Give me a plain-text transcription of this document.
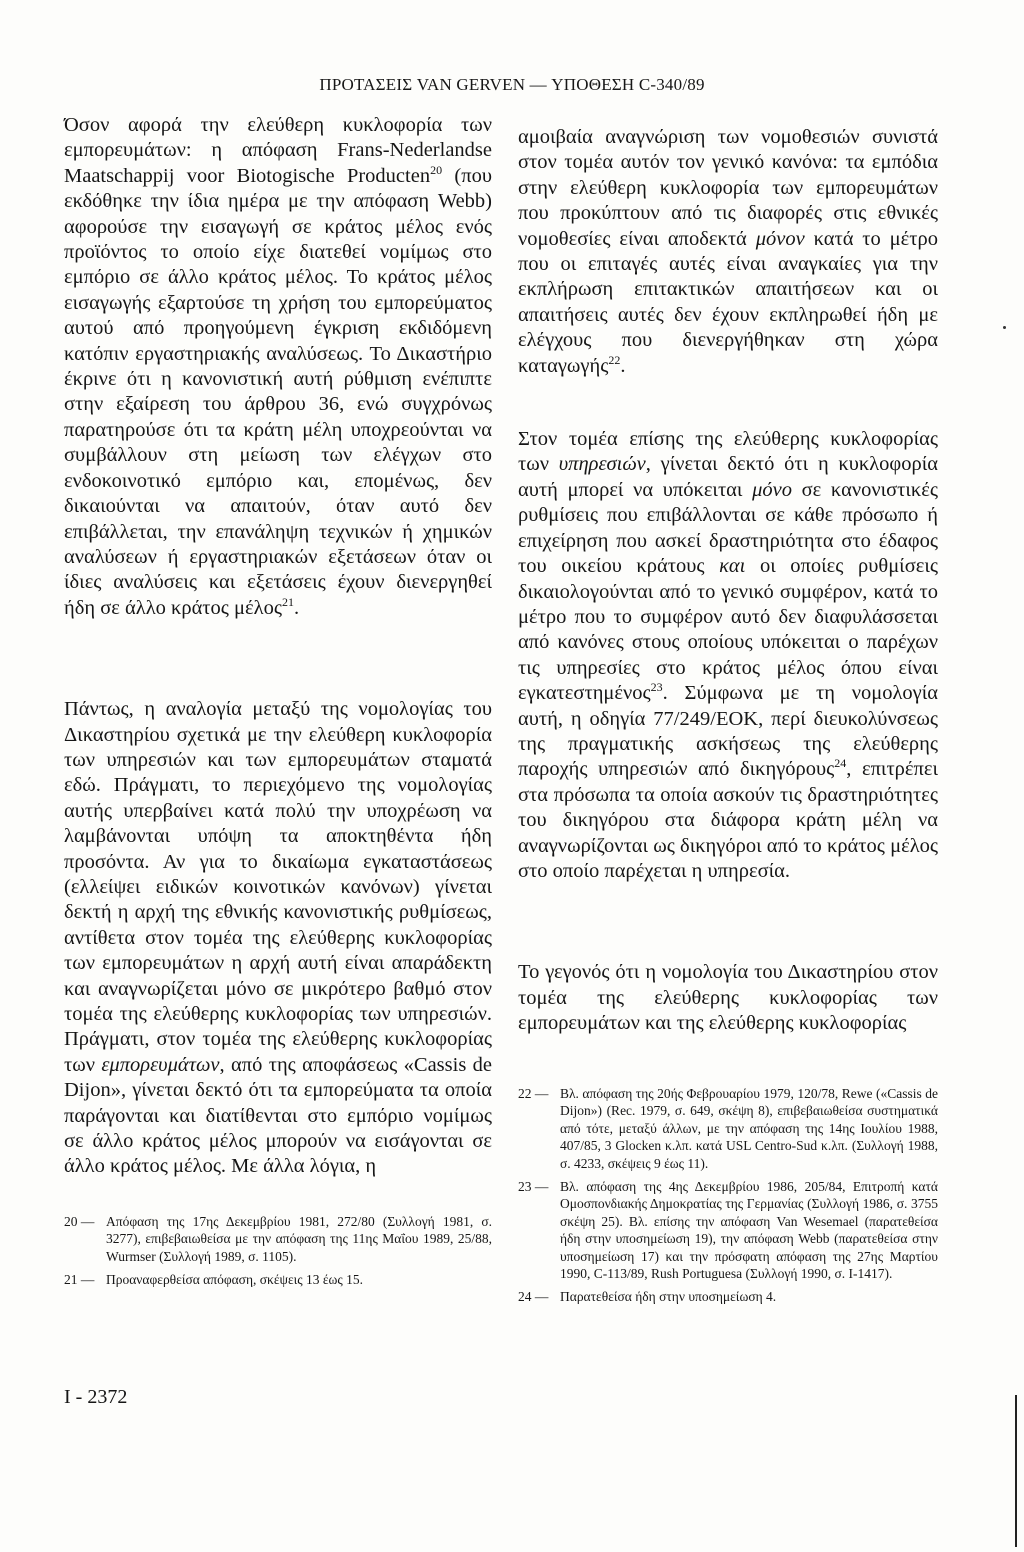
ΠΡΟΤΑΣΕΙΣ VAN GERVEN — ΥΠΟΘΕΣΗ C-340/89

Όσον αφορά την ελεύθερη κυκλοφορία των εμπορευμάτων: η απόφαση Frans-Nederlandse Maatschappij voor Biotogische Producten$^{20}$ (που εκδόθηκε την ίδια ημέρα με την απόφαση Webb) αφορούσε την εισαγωγή σε κράτος μέλος ενός προϊόντος το οποίο είχε διατεθεί νομίμως στο εμπόριο σε άλλο κράτος μέλος. Το κράτος μέλος εισαγωγής εξαρτούσε τη χρήση του εμπορεύματος αυτού από προηγούμενη έγκριση εκδιδόμενη κατόπιν εργαστηριακής αναλύσεως. Το Δικαστήριο έκρινε ότι η κανονιστική αυτή ρύθμιση ενέπιπτε στην εξαίρεση του άρθρου 36, ενώ συγχρόνως παρατηρούσε ότι τα κράτη μέλη υποχρεούνται να συμβάλλουν στη μείωση των ελέγχων στο ενδοκοινοτικό εμπόριο και, επομένως, δεν δικαιούνται να απαιτούν, όταν αυτό δεν επιβάλλεται, την επανάληψη τεχνικών ή χημικών αναλύσεων ή εργαστηριακών εξετάσεων όταν οι ίδιες αναλύσεις και εξετάσεις έχουν διενεργηθεί ήδη σε άλλο κράτος μέλος$^{21}$.

Πάντως, η αναλογία μεταξύ της νομολογίας του Δικαστηρίου σχετικά με την ελεύθερη κυκλοφορία των υπηρεσιών και των εμπορευμάτων σταματά εδώ. Πράγματι, το περιεχόμενο της νομολογίας αυτής υπερβαίνει κατά πολύ την υποχρέωση να λαμβάνονται υπόψη τα αποκτηθέντα ήδη προσόντα. Αν για το δικαίωμα εγκαταστάσεως (ελλείψει ειδικών κοινοτικών κανόνων) γίνεται δεκτή η αρχή της εθνικής κανονιστικής ρυθμίσεως, αντίθετα στον τομέα της ελεύθερης κυκλοφορίας των εμπορευμάτων η αρχή αυτή είναι απαράδεκτη και αναγνωρίζεται μόνο σε μικρότερο βαθμό στον τομέα της ελεύθερης κυκλοφορίας των υπηρεσιών. Πράγματι, στον τομέα της ελεύθερης κυκλοφορίας των εμπορευμάτων, από της αποφάσεως «Cassis de Dijon», γίνεται δεκτό ότι τα εμπορεύματα τα οποία παράγονται και διατίθενται στο εμπόριο νομίμως σε άλλο κράτος μέλος μπορούν να εισάγονται σε άλλο κράτος μέλος. Με άλλα λόγια, η

αμοιβαία αναγνώριση των νομοθεσιών συνιστά στον τομέα αυτόν τον γενικό κανόνα: τα εμπόδια στην ελεύθερη κυκλοφορία των εμπορευμάτων που προκύπτουν από τις διαφορές στις εθνικές νομοθεσίες είναι αποδεκτά μόνον κατά το μέτρο που οι επιταγές αυτές είναι αναγκαίες για την εκπλήρωση επιτακτικών απαιτήσεων και οι απαιτήσεις αυτές δεν έχουν εκπληρωθεί ήδη με ελέγχους που διενεργήθηκαν στη χώρα καταγωγής$^{22}$.

Στον τομέα επίσης της ελεύθερης κυκλοφορίας των υπηρεσιών, γίνεται δεκτό ότι η κυκλοφορία αυτή μπορεί να υπόκειται μόνο σε κανονιστικές ρυθμίσεις που επιβάλλονται σε κάθε πρόσωπο ή επιχείρηση που ασκεί δραστηριότητα στο έδαφος του οικείου κράτους και οι οποίες ρυθμίσεις δικαιολογούνται από το γενικό συμφέρον, κατά το μέτρο που το συμφέρον αυτό δεν διαφυλάσσεται από κανόνες στους οποίους υπόκειται ο παρέχων τις υπηρεσίες στο κράτος μέλος όπου είναι εγκατεστημένος$^{23}$. Σύμφωνα με τη νομολογία αυτή, η οδηγία 77/249/ΕΟΚ, περί διευκολύνσεως της πραγματικής ασκήσεως της ελεύθερης παροχής υπηρεσιών από δικηγόρους$^{24}$, επιτρέπει στα πρόσωπα τα οποία ασκούν τις δραστηριότητες του δικηγόρου στα διάφορα κράτη μέλη να αναγνωρίζονται ως δικηγόροι από το κράτος μέλος στο οποίο παρέχεται η υπηρεσία.

Το γεγονός ότι η νομολογία του Δικαστηρίου στον τομέα της ελεύθερης κυκλοφορίας των εμπορευμάτων και της ελεύθερης κυκλοφορίας

20 — Απόφαση της 17ης Δεκεμβρίου 1981, 272/80 (Συλλογή 1981, σ. 3277), επιβεβαιωθείσα με την απόφαση της 11ης Μαΐου 1989, 25/88, Wurmser (Συλλογή 1989, σ. 1105).
21 — Προαναφερθείσα απόφαση, σκέψεις 13 έως 15.
22 — Βλ. απόφαση της 20ής Φεβρουαρίου 1979, 120/78, Rewe («Cassis de Dijon») (Rec. 1979, σ. 649, σκέψη 8), επιβεβαιωθείσα συστηματικά από τότε, μεταξύ άλλων, με την απόφαση της 14ης Ιουλίου 1988, 407/85, 3 Glocken κ.λπ. κατά USL Centro-Sud κ.λπ. (Συλλογή 1988, σ. 4233, σκέψεις 9 έως 11).
23 — Βλ. απόφαση της 4ης Δεκεμβρίου 1986, 205/84, Επιτροπή κατά Ομοσπονδιακής Δημοκρατίας της Γερμανίας (Συλλογή 1986, σ. 3755 σκέψη 25). Βλ. επίσης την απόφαση Van Wesemael (παρατεθείσα ήδη στην υποσημείωση 19), την απόφαση Webb (παρατεθείσα στην υποσημείωση 17) και την πρόσφατη απόφαση της 27ης Μαρτίου 1990, C-113/89, Rush Portuguesa (Συλλογή 1990, σ. I-1417).
24 — Παρατεθείσα ήδη στην υποσημείωση 4.
I - 2372
